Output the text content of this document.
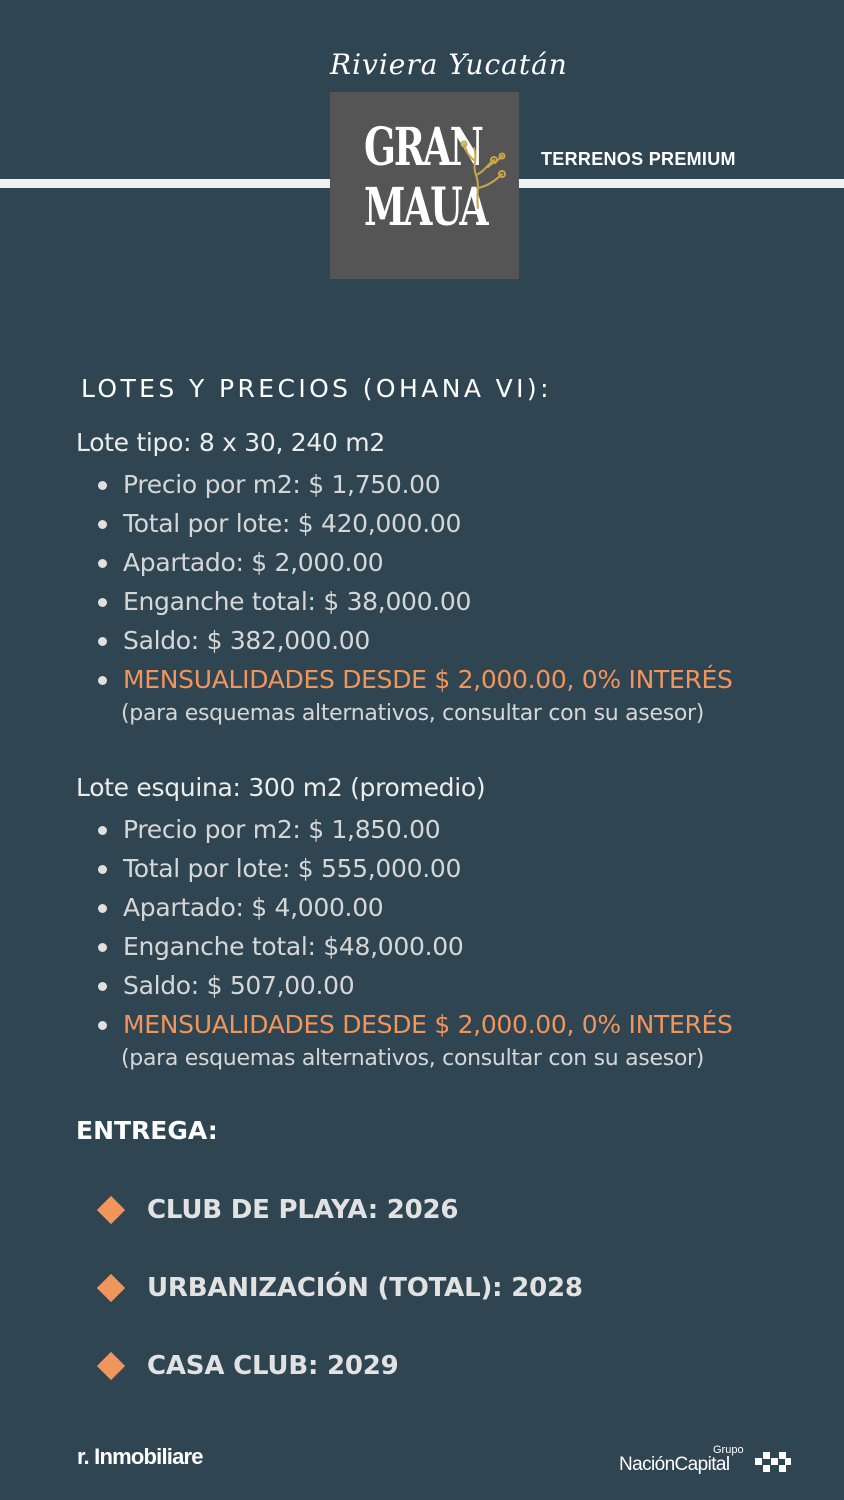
Riviera Yucatán
GRAN
MAUA
TERRENOS PREMIUM
LOTES Y PRECIOS (OHANA VI):
Lote tipo: 8 x 30, 240 m2
Precio por m2: $ 1,750.00
Total por lote: $ 420,000.00
Apartado: $ 2,000.00
Enganche total: $ 38,000.00
Saldo: $ 382,000.00
MENSUALIDADES DESDE $ 2,000.00, 0% INTERÉS
(para esquemas alternativos, consultar con su asesor)
Lote esquina: 300 m2 (promedio)
Precio por m2: $ 1,850.00
Total por lote: $ 555,000.00
Apartado: $ 4,000.00
Enganche total: $48,000.00
Saldo: $ 507,00.00
MENSUALIDADES DESDE $ 2,000.00, 0% INTERÉS
(para esquemas alternativos, consultar con su asesor)
ENTREGA:
CLUB DE PLAYA: 2026
URBANIZACIÓN (TOTAL): 2028
CASA CLUB: 2029
r. Inmobiliare	Grupo
NaciónCapital
